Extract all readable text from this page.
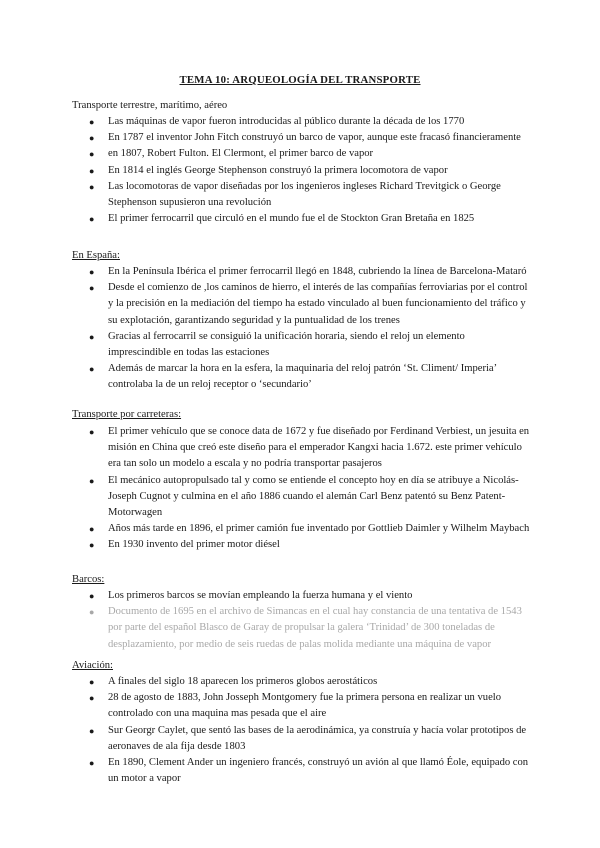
TEMA 10: ARQUEOLOGÍA DEL TRANSPORTE
Transporte terrestre, marítimo, aéreo
● Las máquinas de vapor fueron introducidas al público durante la década de los 1770
● En 1787 el inventor John Fitch construyó un barco de vapor, aunque este fracasó financieramente
● en 1807, Robert Fulton. El Clermont, el primer barco de vapor
● En 1814 el inglés George Stephenson construyó la primera locomotora de vapor
● Las locomotoras de vapor diseñadas por los ingenieros ingleses Richard Trevitgick o George Stephenson supusieron una revolución
● El primer ferrocarril que circuló en el mundo fue el de Stockton Gran Bretaña en 1825
En España:
● En la Península Ibérica el primer ferrocarril llegó en 1848, cubriendo la línea de Barcelona-Mataró
● Desde el comienzo de ,los caminos de hierro, el interés de las compañías ferroviarias por el control y la precisión en la mediación del tiempo ha estado vinculado al buen funcionamiento del tráfico y su explotación, garantizando seguridad y la puntualidad de los trenes
● Gracias al ferrocarril se consiguió la unificación horaria, siendo el reloj un elemento imprescindible en todas las estaciones
● Además de marcar la hora en la esfera, la maquinaria del reloj patrón ‘St. Climent/ Imperia’ controlaba la de un reloj receptor o ‘secundario’
Transporte por carreteras:
● El primer vehículo que se conoce data de 1672 y fue diseñado por Ferdinand Verbiest, un jesuita en misión en China que creó este diseño para el emperador Kangxi hacia 1.672. este primer vehículo era tan solo un modelo a escala y no podría transportar pasajeros
● El mecánico autopropulsado tal y como se entiende el concepto hoy en día se atribuye a Nicolás-Joseph Cugnot y culmina en el año 1886 cuando el alemán Carl Benz patentó su Benz Patent-Motorwagen
● Años más tarde en 1896, el primer camión fue inventado por Gottlieb Daimler y Wilhelm Maybach
● En 1930 invento del primer motor diésel
Barcos:
● Los primeros barcos se movían empleando la fuerza humana y el viento
● Documento de 1695 en el archivo de Simancas en el cual hay constancia de una tentativa de 1543 por parte del español Blasco de Garay de propulsar la galera ‘Trinidad’ de 300 toneladas de desplazamiento, por medio de seis ruedas de palas molida mediante una máquina de vapor
Aviación:
● A finales del siglo 18 aparecen los primeros globos aerostáticos
● 28 de agosto de 1883, John Josseph Montgomery fue la primera persona en realizar un vuelo controlado con una maquina mas pesada que el aire
● Sur Georgr Caylet, que sentó las bases de la aerodinámica, ya construía y hacía volar prototipos de aeronaves de ala fija desde 1803
● En 1890, Clement Ander un ingeniero francés, construyó un avión al que llamó Éole, equipado con un motor a vapor
